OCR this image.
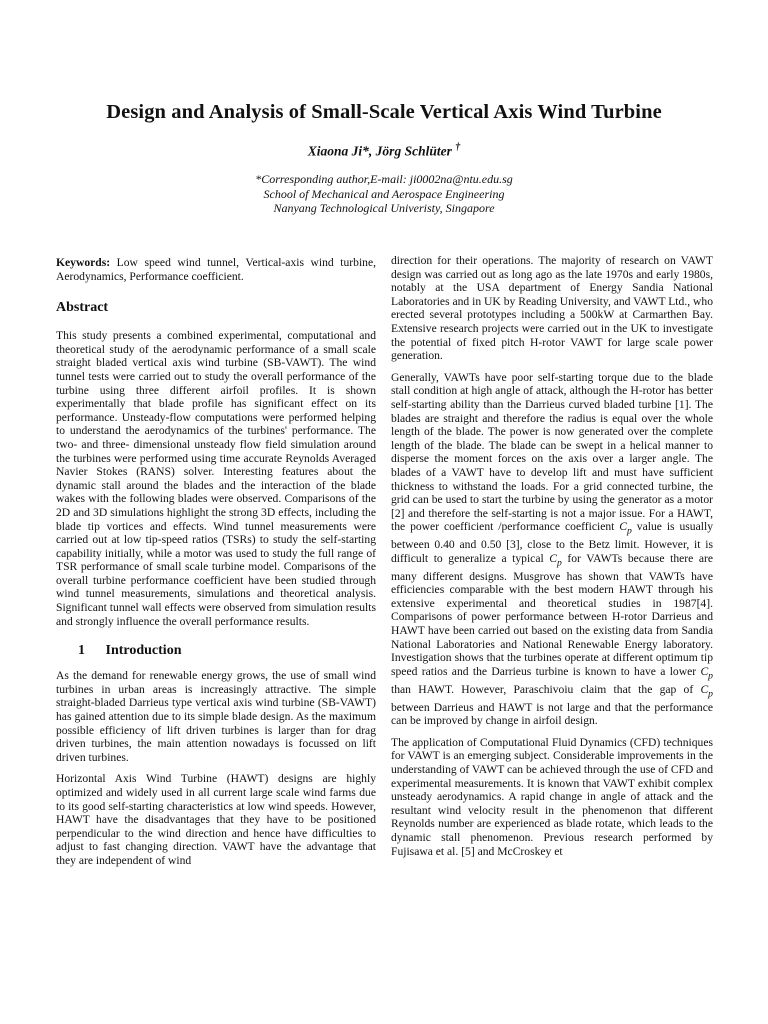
Design and Analysis of Small-Scale Vertical Axis Wind Turbine
Xiaona Ji*, Jörg Schlüter †
*Corresponding author,E-mail: ji0002na@ntu.edu.sg
School of Mechanical and Aerospace Engineering
Nanyang Technological Univeristy, Singapore

Keywords: Low speed wind tunnel, Vertical-axis wind turbine, Aerodynamics, Performance coefficient.

Abstract

This study presents a combined experimental, computational and theoretical study of the aerodynamic performance of a small scale straight bladed vertical axis wind turbine (SB-VAWT). The wind tunnel tests were carried out to study the overall performance of the turbine using three different airfoil profiles. It is shown experimentally that blade profile has significant effect on its performance. Unsteady-flow computations were performed helping to understand the aerodynamics of the turbines' performance. The two- and three- dimensional unsteady flow field simulation around the turbines were performed using time accurate Reynolds Averaged Navier Stokes (RANS) solver. Interesting features about the dynamic stall around the blades and the interaction of the blade wakes with the following blades were observed. Comparisons of the 2D and 3D simulations highlight the strong 3D effects, including the blade tip vortices and effects. Wind tunnel measurements were carried out at low tip-speed ratios (TSRs) to study the self-starting capability initially, while a motor was used to study the full range of TSR performance of small scale turbine model. Comparisons of the overall turbine performance coefficient have been studied through wind tunnel measurements, simulations and theoretical analysis. Significant tunnel wall effects were observed from simulation results and strongly influence the overall performance results.

1 Introduction

As the demand for renewable energy grows, the use of small wind turbines in urban areas is increasingly attractive. The simple straight-bladed Darrieus type vertical axis wind turbine (SB-VAWT) has gained attention due to its simple blade design. As the maximum possible efficiency of lift driven turbines is larger than for drag driven turbines, the main attention nowadays is focussed on lift driven turbines.

Horizontal Axis Wind Turbine (HAWT) designs are highly optimized and widely used in all current large scale wind farms due to its good self-starting characteristics at low wind speeds. However, HAWT have the disadvantages that they have to be positioned perpendicular to the wind direction and hence have difficulties to adjust to fast changing direction. VAWT have the advantage that they are independent of wind

direction for their operations. The majority of research on VAWT design was carried out as long ago as the late 1970s and early 1980s, notably at the USA department of Energy Sandia National Laboratories and in UK by Reading University, and VAWT Ltd., who erected several prototypes including a 500kW at Carmarthen Bay. Extensive research projects were carried out in the UK to investigate the potential of fixed pitch H-rotor VAWT for large scale power generation.

Generally, VAWTs have poor self-starting torque due to the blade stall condition at high angle of attack, although the H-rotor has better self-starting ability than the Darrieus curved bladed turbine [1]. The blades are straight and therefore the radius is equal over the whole length of the blade. The power is now generated over the complete length of the blade. The blade can be swept in a helical manner to disperse the moment forces on the axis over a larger angle. The blades of a VAWT have to develop lift and must have sufficient thickness to withstand the loads. For a grid connected turbine, the grid can be used to start the turbine by using the generator as a motor [2] and therefore the self-starting is not a major issue. For a HAWT, the power coefficient /performance coefficient $C_p$ value is usually between 0.40 and 0.50 [3], close to the Betz limit. However, it is difficult to generalize a typical $C_p$ for VAWTs because there are many different designs. Musgrove has shown that VAWTs have efficiencies comparable with the best modern HAWT through his extensive experimental and theoretical studies in 1987[4]. Comparisons of power performance between H-rotor Darrieus and HAWT have been carried out based on the existing data from Sandia National Laboratories and National Renewable Energy laboratory. Investigation shows that the turbines operate at different optimum tip speed ratios and the Darrieus turbine is known to have a lower $C_p$ than HAWT. However, Paraschivoiu claim that the gap of $C_p$ between Darrieus and HAWT is not large and that the performance can be improved by change in airfoil design.

The application of Computational Fluid Dynamics (CFD) techniques for VAWT is an emerging subject. Considerable improvements in the understanding of VAWT can be achieved through the use of CFD and experimental measurements. It is known that VAWT exhibit complex unsteady aerodynamics. A rapid change in angle of attack and the resultant wind velocity result in the phenomenon that different Reynolds number are experienced as blade rotate, which leads to the dynamic stall phenomenon. Previous research performed by Fujisawa et al. [5] and McCroskey et
